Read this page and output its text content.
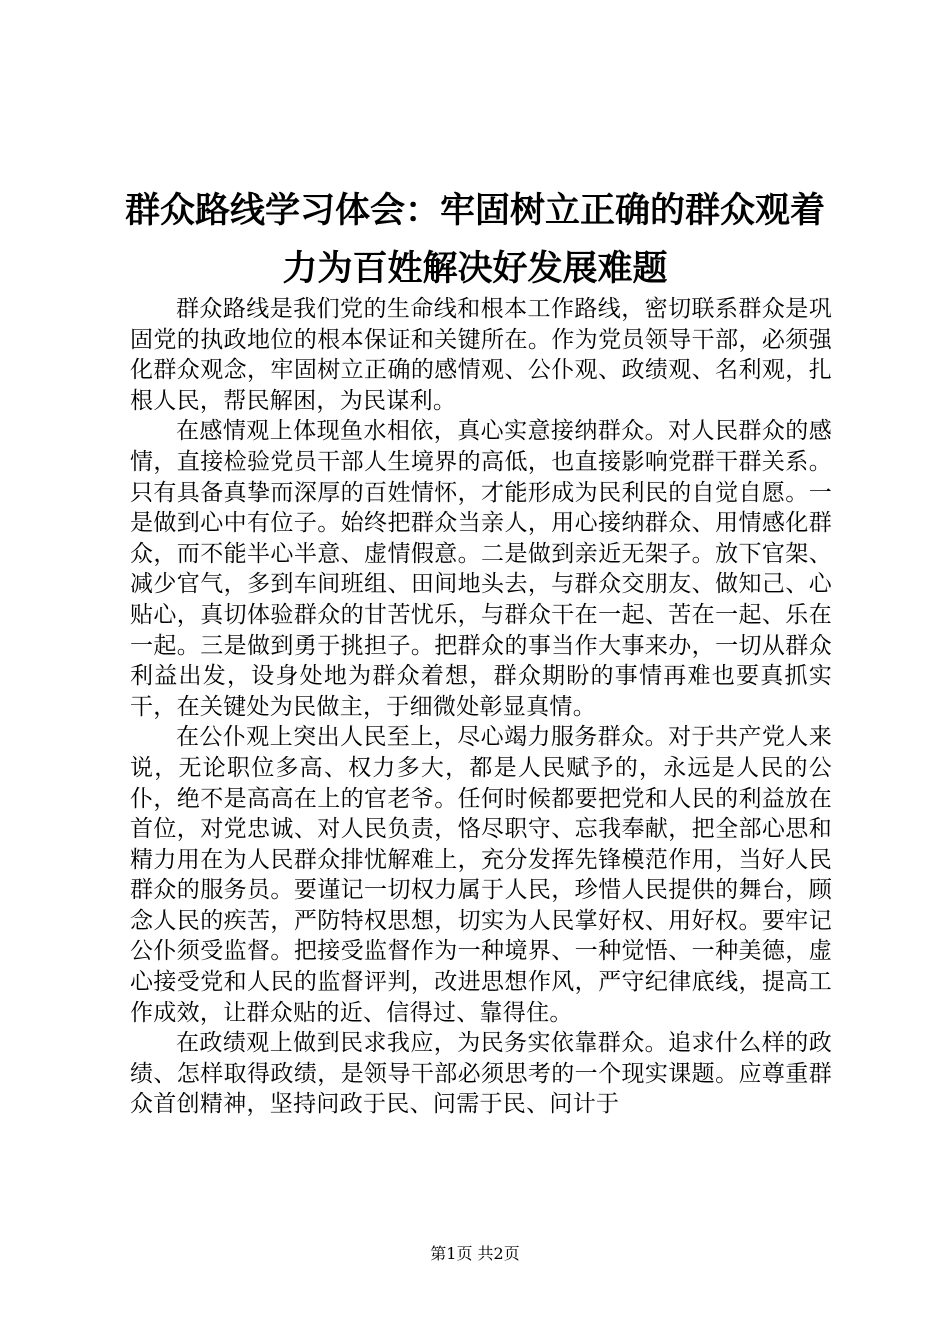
群众路线学习体会：牢固树立正确的群众观着
力为百姓解决好发展难题

群众路线是我们党的生命线和根本工作路线，密切联系群众是巩固党的执政地位的根本保证和关键所在。作为党员领导干部，必须强化群众观念，牢固树立正确的感情观、公仆观、政绩观、名利观，扎根人民，帮民解困，为民谋利。

在感情观上体现鱼水相依，真心实意接纳群众。对人民群众的感情，直接检验党员干部人生境界的高低，也直接影响党群干群关系。只有具备真挚而深厚的百姓情怀，才能形成为民利民的自觉自愿。一是做到心中有位子。始终把群众当亲人，用心接纳群众、用情感化群众，而不能半心半意、虚情假意。二是做到亲近无架子。放下官架、减少官气，多到车间班组、田间地头去，与群众交朋友、做知己、心贴心，真切体验群众的甘苦忧乐，与群众干在一起、苦在一起、乐在一起。三是做到勇于挑担子。把群众的事当作大事来办，一切从群众利益出发，设身处地为群众着想，群众期盼的事情再难也要真抓实干，在关键处为民做主，于细微处彰显真情。

在公仆观上突出人民至上，尽心竭力服务群众。对于共产党人来说，无论职位多高、权力多大，都是人民赋予的，永远是人民的公仆，绝不是高高在上的官老爷。任何时候都要把党和人民的利益放在首位，对党忠诚、对人民负责，恪尽职守、忘我奉献，把全部心思和精力用在为人民群众排忧解难上，充分发挥先锋模范作用，当好人民群众的服务员。要谨记一切权力属于人民，珍惜人民提供的舞台，顾念人民的疾苦，严防特权思想，切实为人民掌好权、用好权。要牢记公仆须受监督。把接受监督作为一种境界、一种觉悟、一种美德，虚心接受党和人民的监督评判，改进思想作风，严守纪律底线，提高工作成效，让群众贴的近、信得过、靠得住。

在政绩观上做到民求我应，为民务实依靠群众。追求什么样的政绩、怎样取得政绩，是领导干部必须思考的一个现实课题。应尊重群众首创精神，坚持问政于民、问需于民、问计于

第1页 共2页
